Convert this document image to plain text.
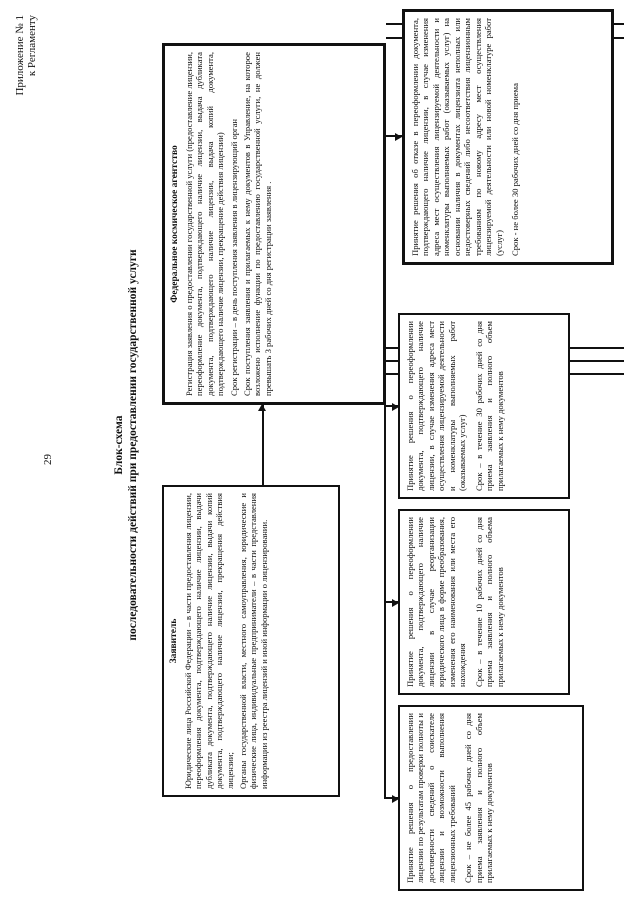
Приложение № 1 к Регламенту
29	Блок-схема последовательности действий при предоставлении государственной услуги
Заявитель Юридические лица Российской Федерации – в части предоставления лицензии, переоформления документа, подтверждающего наличие лицензии, выдачи дубликата документа, подтверждающего наличие лицензии, выдачи копий документа, подтверждающего наличие лицензии, прекращения действия лицензии; Органы государственной власти, местного самоуправления, юридические и физические лица, индивидуальные предприниматели – в части представления информации из реестра лицензий и иной информации о лицензировании.

Федеральное космическое агентство Регистрация заявления о предоставлении государственной услуги (предоставление лицензии, переоформление документа, подтверждающего наличие лицензии, выдача дубликата документа, подтверждающего наличие лицензии, выдача копий документа, подтверждающего наличие лицензии, прекращение действия лицензии) Срок регистрации – в день поступления заявления в лицензирующий орган Срок поступления заявления и прилагаемых к нему документов в Управление, на которое возложено исполнение функции по предоставлению государственной услуги, не должен превышать 3 рабочих дней со дня регистрации заявления .

Принятие решения о предоставлении лицензии по результатам проверки полноты и достоверности сведений о соискателе лицензии и возможности выполнения лицензионных требований Срок – не более 45 рабочих дней со дня приема заявления и полного объем прилагаемых к нему документов
Принятие решения о переоформлении документа, подтверждающего наличие лицензии в случае реорганизации юридического лица в форме преобразования, изменения его наименования или места его нахождения Срок – в течение 10 рабочих дней со дня приема заявления и полного объема прилагаемых к нему документов
Принятие решения о переоформлении документа, подтверждающего наличие лицензии, в случае изменения адреса мест осуществления лицензируемой деятельности и номенклатуры выполняемых работ (оказываемых услуг) Срок – в течение 30 рабочих дней со дня приема заявления и полного объем прилагаемых к нему документов
Принятие решения об отказе в переоформлении документа, подтверждающего наличие лицензии, в случае изменения адреса мест осуществления лицензируемой деятельности и номенклатуры выполняемых работ (оказываемых услуг) на основании наличия в документах лицензиата неполных или недостоверных сведений либо несоответствия лицензионным требованиям по новому адресу мест осуществления лицензируемой деятельности или новой номенклатуре работ (услуг) Срок - не более 30 рабочих дней со дня приема
